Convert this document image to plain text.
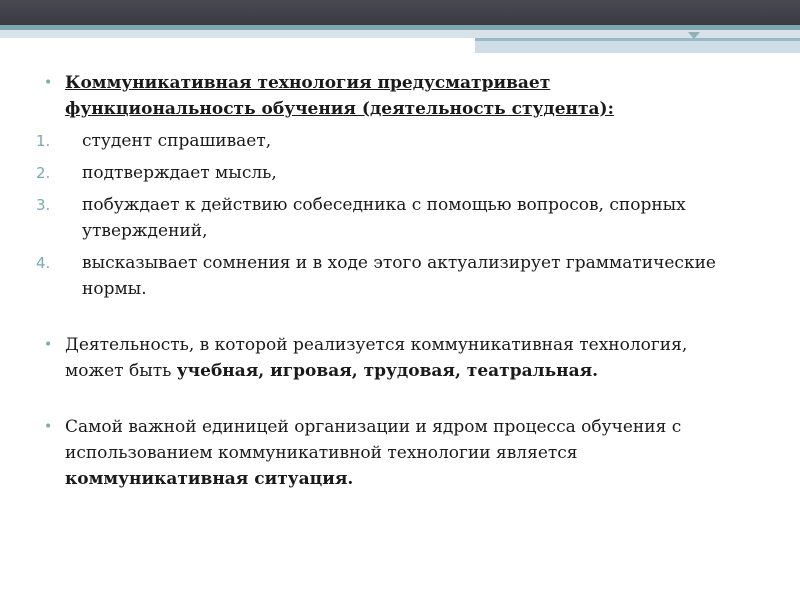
• Коммуникативная технология предусматривает
функциональность обучения (деятельность студента):
1. студент спрашивает,
2. подтверждает мысль,
3. побуждает к действию собеседника с помощью вопросов, спорных
утверждений,
4. высказывает сомнения и в ходе этого актуализирует грамматические
нормы.
• Деятельность, в которой реализуется коммуникативная технология,
может быть учебная, игровая, трудовая, театральная.
• Самой важной единицей организации и ядром процесса обучения с
использованием коммуникативной технологии является
коммуникативная ситуация.
